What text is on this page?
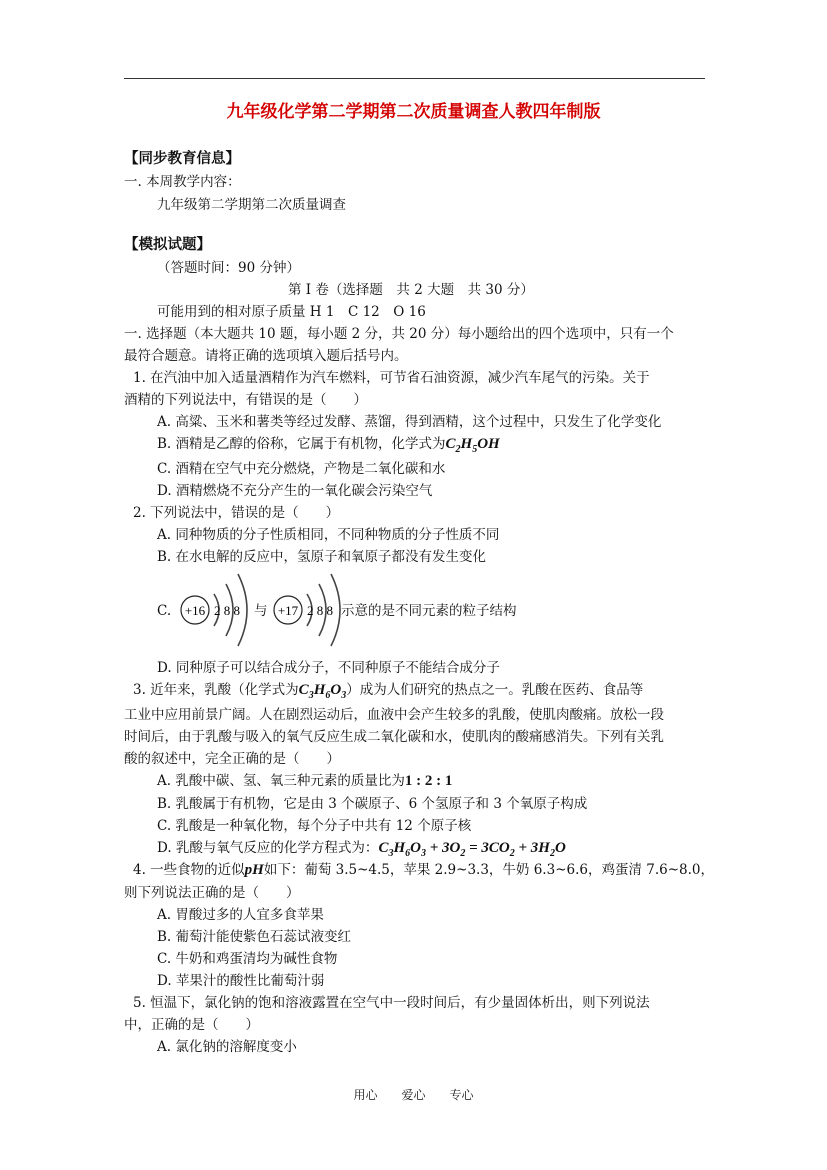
九年级化学第二学期第二次质量调查人教四年制版
【同步教育信息】
一. 本周教学内容：
九年级第二学期第二次质量调查
【模拟试题】
（答题时间：90 分钟）
第 I 卷（选择题　共 2 大题　共 30 分）
可能用到的相对原子质量 H 1　C 12　O 16
一. 选择题（本大题共 10 题，每小题 2 分，共 20 分）每小题给出的四个选项中，只有一个
最符合题意。请将正确的选项填入题后括号内。
1. 在汽油中加入适量酒精作为汽车燃料，可节省石油资源，减少汽车尾气的污染。关于
酒精的下列说法中，有错误的是（　　）
A. 高粱、玉米和薯类等经过发酵、蒸馏，得到酒精，这个过程中，只发生了化学变化
B. 酒精是乙醇的俗称，它属于有机物，化学式为$C_2H_5OH$
C. 酒精在空气中充分燃烧，产物是二氧化碳和水
D. 酒精燃烧不充分产生的一氧化碳会污染空气
2. 下列说法中，错误的是（　　）
A. 同种物质的分子性质相同，不同种物质的分子性质不同
B. 在水电解的反应中，氢原子和氧原子都没有发生变化
C. +16 2 8 8 与 +17 2 8 8 示意的是不同元素的粒子结构
D. 同种原子可以结合成分子，不同种原子不能结合成分子
3. 近年来，乳酸（化学式为$C_3H_6O_3$）成为人们研究的热点之一。乳酸在医药、食品等
工业中应用前景广阔。人在剧烈运动后，血液中会产生较多的乳酸，使肌肉酸痛。放松一段
时间后，由于乳酸与吸入的氧气反应生成二氧化碳和水，使肌肉的酸痛感消失。下列有关乳
酸的叙述中，完全正确的是（　　）
A. 乳酸中碳、氢、氧三种元素的质量比为1 : 2 : 1
B. 乳酸属于有机物，它是由 3 个碳原子、6 个氢原子和 3 个氧原子构成
C. 乳酸是一种氧化物，每个分子中共有 12 个原子核
D. 乳酸与氧气反应的化学方程式为：$C_3H_6O_3 + 3O_2 = 3CO_2 + 3H_2O$
4. 一些食物的近似pH如下：葡萄 3.5~4.5，苹果 2.9~3.3，牛奶 6.3~6.6，鸡蛋清 7.6~8.0，
则下列说法正确的是（　　）
A. 胃酸过多的人宜多食苹果
B. 葡萄汁能使紫色石蕊试液变红
C. 牛奶和鸡蛋清均为碱性食物
D. 苹果汁的酸性比葡萄汁弱
5. 恒温下，氯化钠的饱和溶液露置在空气中一段时间后，有少量固体析出，则下列说法
中，正确的是（　　）
A. 氯化钠的溶解度变小
用心　　爱心　　专心
